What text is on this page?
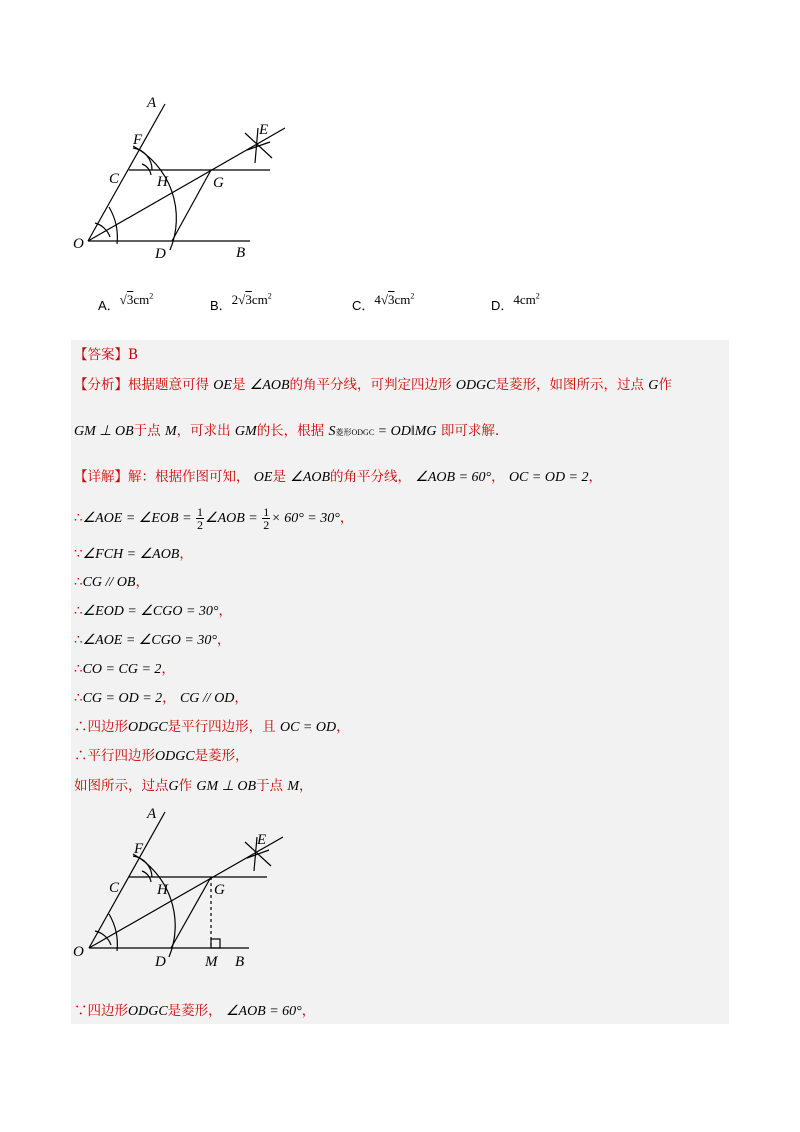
A
F
E
C	H	G
O
D	B
A．$√3cm^2$
B．$2√3cm^2$
C．$4√3cm^2$
D．$4cm^2$
【答案】B
【分析】根据题意可得 OE是 ∠AOB的角平分线，可判定四边形 ODGC是菱形，如图所示，过点 G作
GM ⊥ OB于点 M，可求出 GM的长，根据 S菱形ODGC = OD‖MG 即可求解.
【详解】解：根据作图可知， OE是 ∠AOB的角平分线， ∠AOB = 60°， OC = OD = 2，
∴∠AOE = ∠EOB = $\frac{1}{2}$ ∠AOB = $\frac{1}{2} \times 60^\circ = 30^\circ$，
∵∠FCH = ∠AOB，
∴CG // OB，
∴∠EOD = ∠CGO = 30°，
∴∠AOE = ∠CGO = 30°，
∴CO = CG = 2，
∴CG = OD = 2， CG // OD，
∴四边形ODGC是平行四边形，且 OC = OD，
∴平行四边形ODGC是菱形，
如图所示，过点G作 GM ⊥ OB于点 M，
A
F
E
C	H	G
O
D	M B
∵四边形ODGC是菱形， ∠AOB = 60°，
